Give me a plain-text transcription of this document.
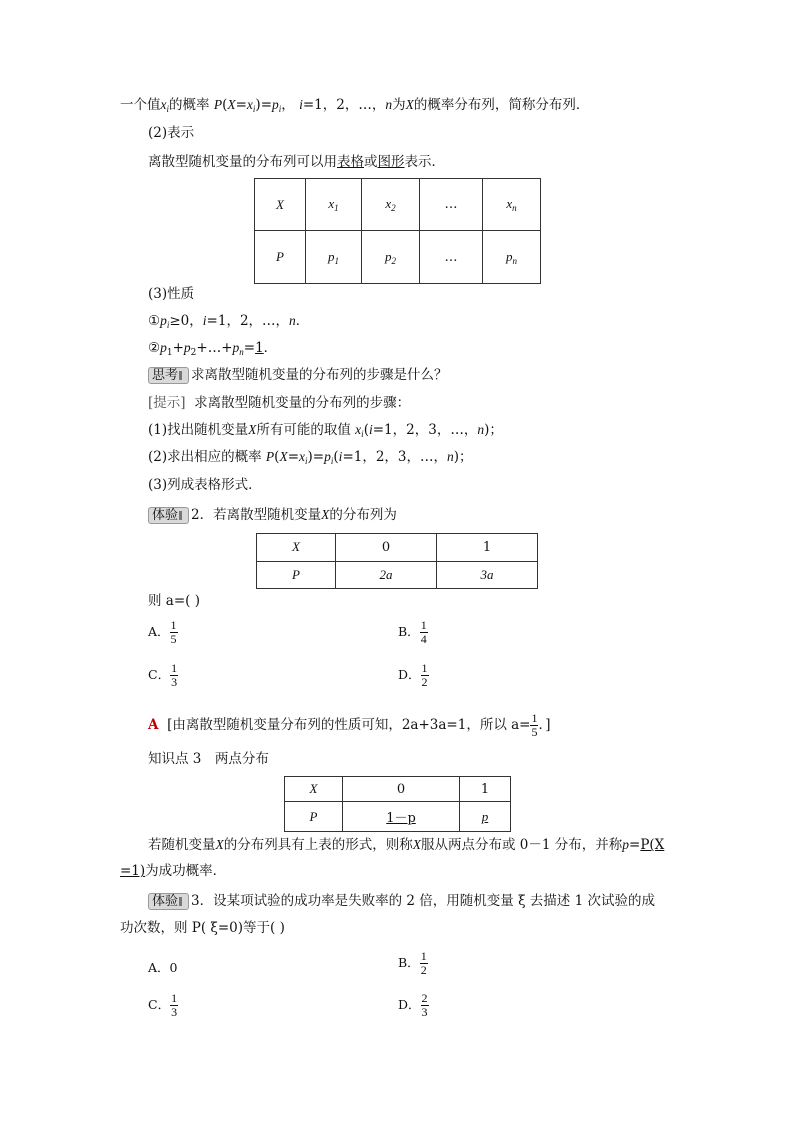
一个值$x_i$的概率 $P(X=x_i)=p_i$， i=1，2，…，n为X的概率分布列，简称分布列．
(2)表示
离散型随机变量的分布列可以用表格或图形表示．
X	$x_1$	$x_2$	…	$x_n$
P	$p_1$	$p_2$	…	$p_n$
(3)性质
$①p_i\ge 0$，i=1，2，…，n．
$②p_1+p_2+\dots+p_n=1$．
思考 求离散型随机变量的分布列的步骤是什么？
[提示] 求离散型随机变量的分布列的步骤：
(1)找出随机变量X所有可能的取值 $x_i(i=1$，2，3，…，n)；
(2)求出相应的概率 $P(X=x_i)=p_i(i=1$，2，3，…，n)；
(3)列成表格形式．
体验 2．若离散型随机变量X的分布列为
X	0	1
P	2a	3a
则 a=( )
A． $\frac{1}{5}$	B． $\frac{1}{4}$
C． $\frac{1}{3}$	D． $\frac{1}{2}$
A [由离散型随机变量分布列的性质可知，2a+3a=1，所以 $a= \frac{1}{5}$ ．]
知识点 3　两点分布
X	0	1
P	1－p	p
若随机变量X的分布列具有上表的形式，则称X服从两点分布或 0－1 分布，并称p=P(X
=1)为成功概率．
体验 3．设某项试验的成功率是失败率的 2 倍，用随机变量 ξ 去描述 1 次试验的成
功次数，则 P( ξ=0)等于( )
A．0	B． $\frac{1}{2}$
C． $\frac{1}{3}$	D． $\frac{2}{3}$
